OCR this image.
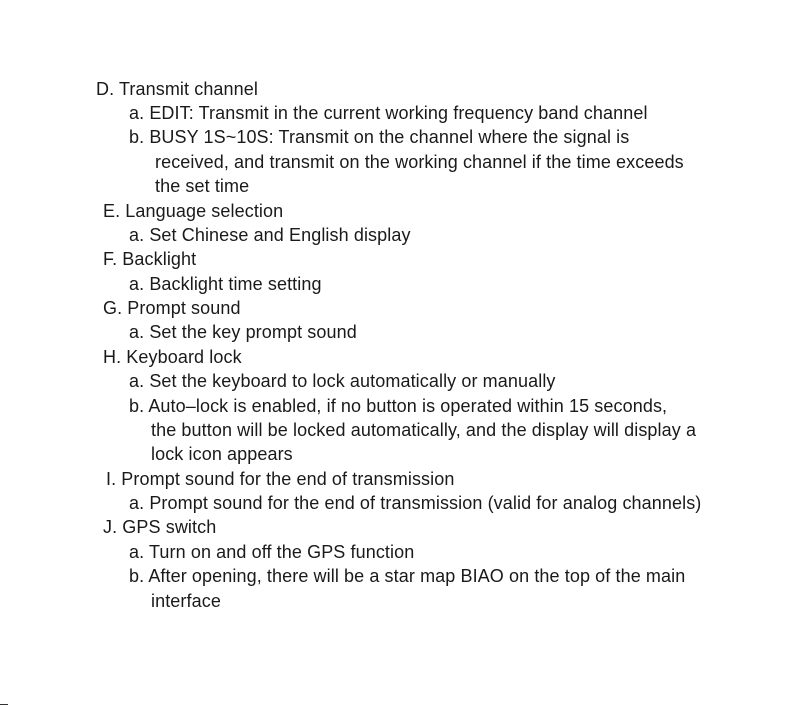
D. Transmit channel
a. EDIT: Transmit in the current working frequency band channel
b. BUSY 1S~10S: Transmit on the channel where the signal is
received, and transmit on the working channel if the time exceeds
the set time
E. Language selection
a. Set Chinese and English display
F. Backlight
a. Backlight time setting
G. Prompt sound
a. Set the key prompt sound
H. Keyboard lock
a. Set the keyboard to lock automatically or manually
b. Auto–lock is enabled, if no button is operated within 15 seconds,
the button will be locked automatically, and the display will display a
lock icon appears
I. Prompt sound for the end of transmission
a. Prompt sound for the end of transmission (valid for analog channels)
J. GPS switch
a. Turn on and off the GPS function
b. After opening, there will be a star map BIAO on the top of the main
interface
